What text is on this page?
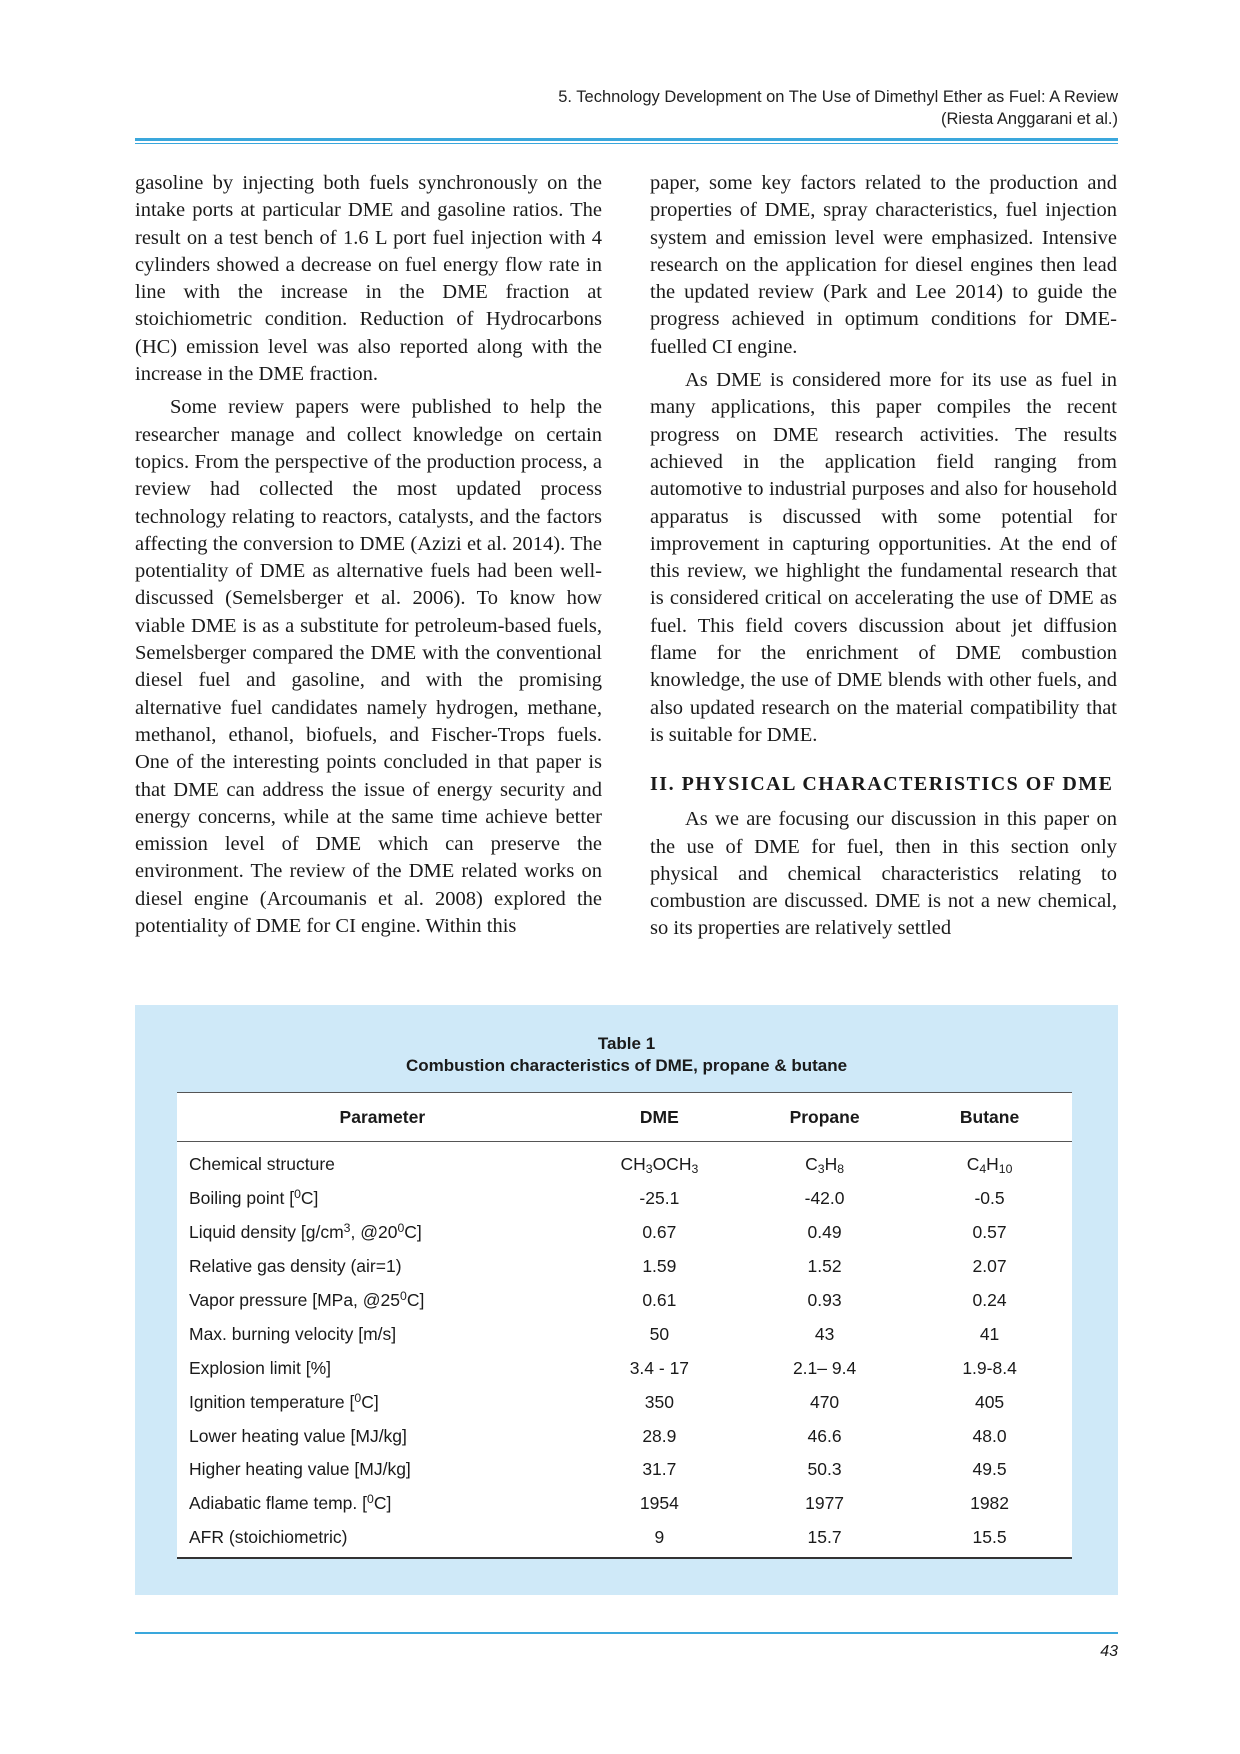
5. Technology Development on The Use of Dimethyl Ether as Fuel: A Review
(Riesta Anggarani et al.)

gasoline by injecting both fuels synchronously on the intake ports at particular DME and gasoline ratios. The result on a test bench of 1.6 L port fuel injection with 4 cylinders showed a decrease on fuel energy flow rate in line with the increase in the DME fraction at stoichiometric condition. Reduction of Hydrocarbons (HC) emission level was also reported along with the increase in the DME fraction.

Some review papers were published to help the researcher manage and collect knowledge on certain topics. From the perspective of the production process, a review had collected the most updated process technology relating to reactors, catalysts, and the factors affecting the conversion to DME (Azizi et al. 2014). The potentiality of DME as alternative fuels had been well-discussed (Semelsberger et al. 2006). To know how viable DME is as a substitute for petroleum-based fuels, Semelsberger compared the DME with the conventional diesel fuel and gasoline, and with the promising alternative fuel candidates namely hydrogen, methane, methanol, ethanol, biofuels, and Fischer-Trops fuels. One of the interesting points concluded in that paper is that DME can address the issue of energy security and energy concerns, while at the same time achieve better emission level of DME which can preserve the environment. The review of the DME related works on diesel engine (Arcoumanis et al. 2008) explored the potentiality of DME for CI engine. Within this

paper, some key factors related to the production and properties of DME, spray characteristics, fuel injection system and emission level were emphasized. Intensive research on the application for diesel engines then lead the updated review (Park and Lee 2014) to guide the progress achieved in optimum conditions for DME-fuelled CI engine.

As DME is considered more for its use as fuel in many applications, this paper compiles the recent progress on DME research activities. The results achieved in the application field ranging from automotive to industrial purposes and also for household apparatus is discussed with some potential for improvement in capturing opportunities. At the end of this review, we highlight the fundamental research that is considered critical on accelerating the use of DME as fuel. This field covers discussion about jet diffusion flame for the enrichment of DME combustion knowledge, the use of DME blends with other fuels, and also updated research on the material compatibility that is suitable for DME.

II. PHYSICAL CHARACTERISTICS OF DME

As we are focusing our discussion in this paper on the use of DME for fuel, then in this section only physical and chemical characteristics relating to combustion are discussed. DME is not a new chemical, so its properties are relatively settled

Table 1
Combustion characteristics of DME, propane & butane
Parameter	DME	Propane	Butane
Chemical structure	$CH_3OCH_3$	$C_3H_8$	$C_4H_{10}$
Boiling point [$^0$C]	-25.1	-42.0	-0.5
Liquid density [$g/cm^3$, $@20^0C$]	0.67	0.49	0.57
Relative gas density (air=1)	1.59	1.52	2.07
Vapor pressure [MPa, $@25^0C$]	0.61	0.93	0.24
Max. burning velocity [m/s]	50	43	41
Explosion limit [%]	3.4 - 17	2.1– 9.4	1.9-8.4
Ignition temperature [$^0$C]	350	470	405
Lower heating value [MJ/kg]	28.9	46.6	48.0
Higher heating value [MJ/kg]	31.7	50.3	49.5
Adiabatic flame temp. [$^0$C]	1954	1977	1982
AFR (stoichiometric)	9	15.7	15.5
43
